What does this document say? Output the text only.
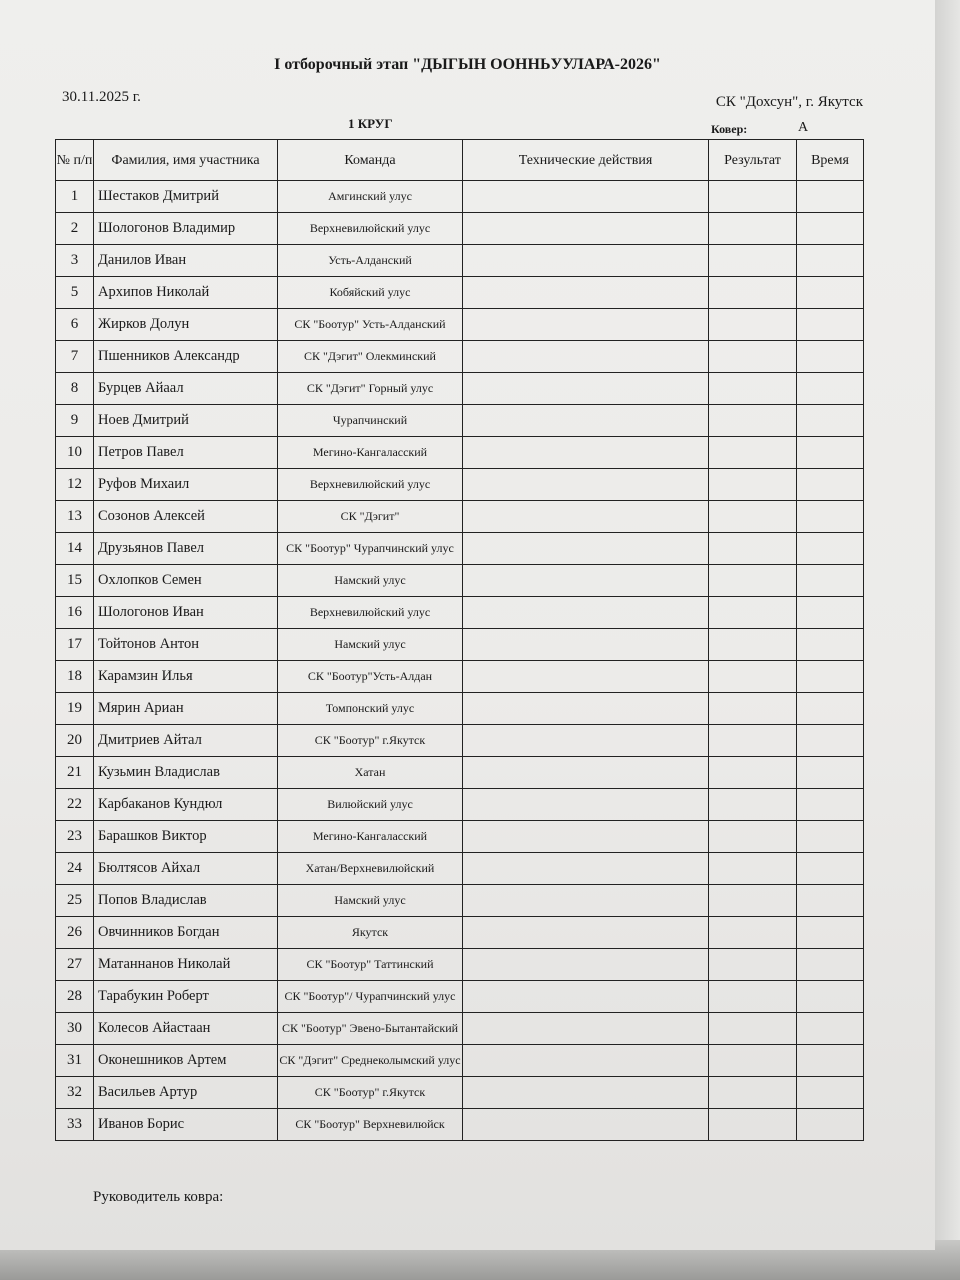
I отборочный этап "ДЫГЫН ООННЬУУЛАРА-2026"
30.11.2025 г.	СК "Дохсун", г. Якутск
1 КРУГ	Ковер:	А
№ п/п	Фамилия, имя участника	Команда	Технические действия	Результат	Время
1	Шестаков Дмитрий	Амгинский улус			
2	Шологонов Владимир	Верхневилюйский улус			
3	Данилов Иван	Усть-Алданский			
5	Архипов Николай	Кобяйский улус			
6	Жирков Долун	СК "Боотур" Усть-Алданский			
7	Пшенников Александр	СК "Дэгит" Олекминский			
8	Бурцев Айаал	СК "Дэгит" Горный улус			
9	Ноев Дмитрий	Чурапчинский			
10	Петров Павел	Мегино-Кангаласский			
12	Руфов Михаил	Верхневилюйский улус			
13	Созонов Алексей	СК "Дэгит"			
14	Друзьянов Павел	СК "Боотур" Чурапчинский улус			
15	Охлопков Семен	Намский улус			
16	Шологонов Иван	Верхневилюйский улус			
17	Тойтонов Антон	Намский улус			
18	Карамзин Илья	СК "Боотур"Усть-Алдан			
19	Мярин Ариан	Томпонский улус			
20	Дмитриев Айтал	СК "Боотур" г.Якутск			
21	Кузьмин Владислав	Хатан			
22	Карбаканов Кундюл	Вилюйский улус			
23	Барашков Виктор	Мегино-Кангаласский			
24	Бюлтясов Айхал	Хатан/Верхневилюйский			
25	Попов Владислав	Намский улус			
26	Овчинников Богдан	Якутск			
27	Матаннанов Николай	СК "Боотур" Таттинский			
28	Тарабукин Роберт	СК "Боотур"/ Чурапчинский улус			
30	Колесов Айастаан	СК "Боотур" Эвено-Бытантайский			
31	Оконешников Артем	СК "Дэгит" Среднеколымский улус			
32	Васильев Артур	СК "Боотур" г.Якутск			
33	Иванов Борис	СК "Боотур" Верхневилюйск			
Руководитель ковра:
